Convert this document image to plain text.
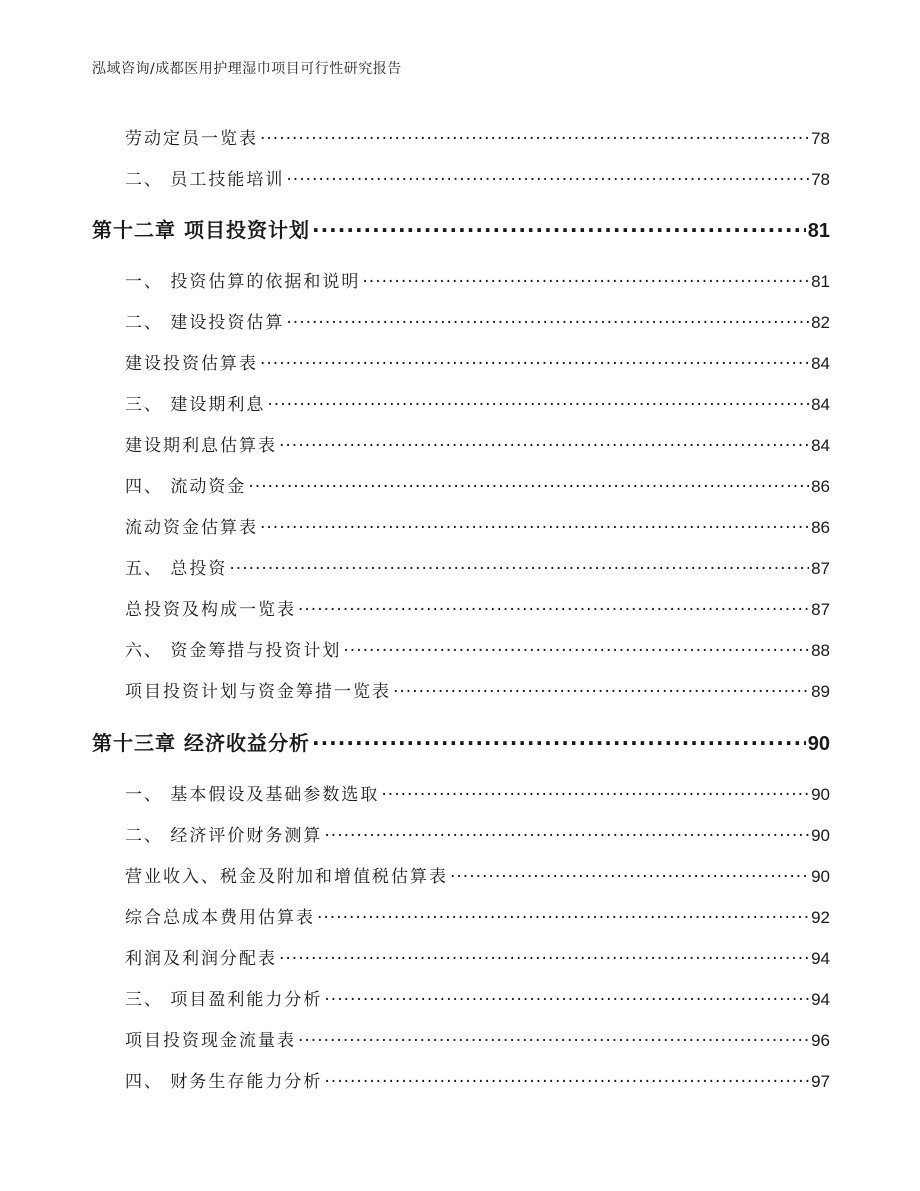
泓域咨询/成都医用护理湿巾项目可行性研究报告
劳动定员一览表 .....	78
二、 员工技能培训 .....	78
第十二章 项目投资计划 .....	81
一、 投资估算的依据和说明 .....	81
二、 建设投资估算 .....	82
建设投资估算表 .....	84
三、 建设期利息 .....	84
建设期利息估算表 .....	84
四、 流动资金 .....	86
流动资金估算表 .....	86
五、 总投资 .....	87
总投资及构成一览表 .....	87
六、 资金筹措与投资计划 .....	88
项目投资计划与资金筹措一览表 .....	89
第十三章 经济收益分析 .....	90
一、 基本假设及基础参数选取 .....	90
二、 经济评价财务测算 .....	90
营业收入、税金及附加和增值税估算表 .....	90
综合总成本费用估算表 .....	92
利润及利润分配表 .....	94
三、 项目盈利能力分析 .....	94
项目投资现金流量表 .....	96
四、 财务生存能力分析 .....	97
